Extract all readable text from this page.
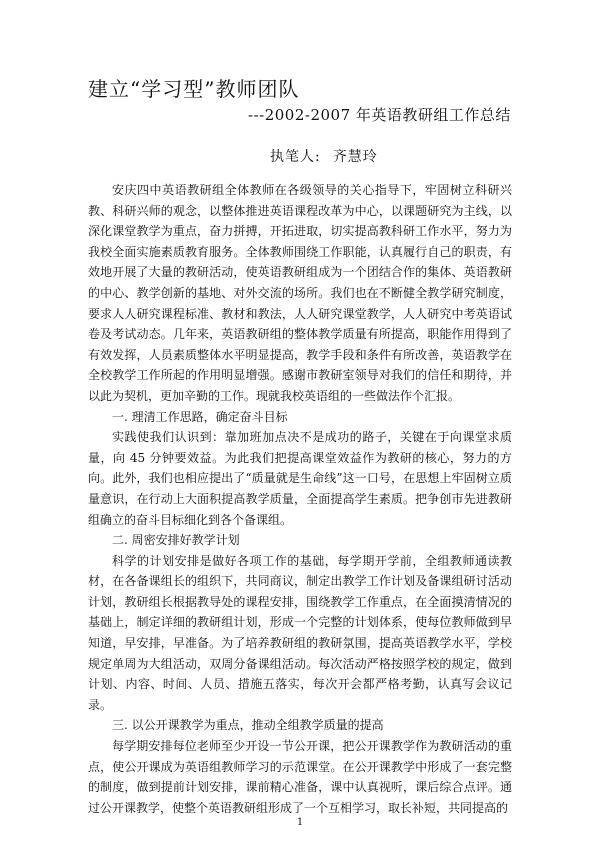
建立“学习型”教师团队
---2002-2007 年英语教研组工作总结
执笔人: 齐慧玲

安庆四中英语教研组全体教师在各级领导的关心指导下，牢固树立科研兴教、科研兴师的观念，以整体推进英语课程改革为中心，以课题研究为主线，以深化课堂教学为重点，奋力拼搏，开拓进取，切实提高教科研工作水平，努力为我校全面实施素质教育服务。全体教师围绕工作职能，认真履行自己的职责，有效地开展了大量的教研活动，使英语教研组成为一个团结合作的集体、英语教研的中心、教学创新的基地、对外交流的场所。我们也在不断健全教学研究制度，要求人人研究课程标准、教材和教法，人人研究课堂教学，人人研究中考英语试卷及考试动态。几年来，英语教研组的整体教学质量有所提高，职能作用得到了有效发挥，人员素质整体水平明显提高，教学手段和条件有所改善，英语教学在全校教学工作所起的作用明显增强。感谢市教研室领导对我们的信任和期待，并以此为契机，更加辛勤的工作。现就我校英语组的一些做法作个汇报。

一. 理清工作思路，确定奋斗目标

实践使我们认识到：靠加班加点决不是成功的路子，关键在于向课堂求质量，向 45 分钟要效益。为此我们把提高课堂效益作为教研的核心，努力的方向。此外，我们也相应提出了“质量就是生命线”这一口号，在思想上牢固树立质量意识，在行动上大面积提高教学质量，全面提高学生素质。把争创市先进教研组确立的奋斗目标细化到各个备课组。

二. 周密安排好教学计划

科学的计划安排是做好各项工作的基础，每学期开学前，全组教师通读教材，在各备课组长的组织下，共同商议，制定出教学工作计划及备课组研讨活动计划，教研组长根据教导处的课程安排，围绕教学工作重点，在全面摸清情况的基础上，制定详细的教研组计划，形成一个完整的计划体系，使每位教师做到早知道，早安排，早准备。为了培养教研组的教研氛围，提高英语教学水平，学校规定单周为大组活动，双周分备课组活动。每次活动严格按照学校的规定，做到计划、内容、时间、人员、措施五落实，每次开会都严格考勤，认真写会议记录。

三. 以公开课教学为重点，推动全组教学质量的提高

每学期安排每位老师至少开设一节公开课，把公开课教学作为教研活动的重点，使公开课成为英语组教师学习的示范课堂。在公开课教学中形成了一套完整的制度，做到提前计划安排，课前精心准备，课中认真视听，课后综合点评。通过公开课教学，使整个英语教研组形成了一个互相学习，取长补短，共同提高的

1
